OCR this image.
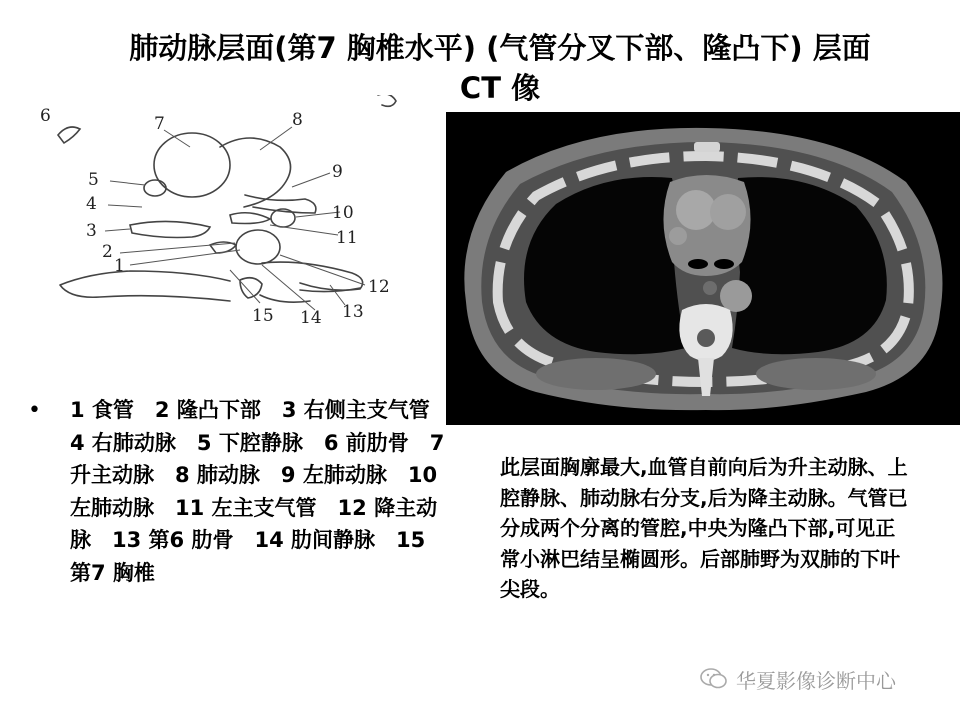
肺动脉层面(第7 胸椎水平) (气管分叉下部、隆凸下) 层面
CT 像
6	7	8
5	9
4	10
3	11
2
1
12
15 14 13
• 1 食管　2 隆凸下部　3 右侧主支气管　4 右肺动脉　5 下腔静脉　6 前肋骨　7 升主动脉　8 肺动脉　9 左肺动脉　10 左肺动脉　11 左主支气管　12 降主动脉　13 第6 肋骨　14 肋间静脉　15 第7 胸椎
此层面胸廓最大,血管自前向后为升主动脉、上腔静脉、肺动脉右分支,后为降主动脉。气管已分成两个分离的管腔,中央为隆凸下部,可见正常小淋巴结呈椭圆形。后部肺野为双肺的下叶尖段。
华夏影像诊断中心
